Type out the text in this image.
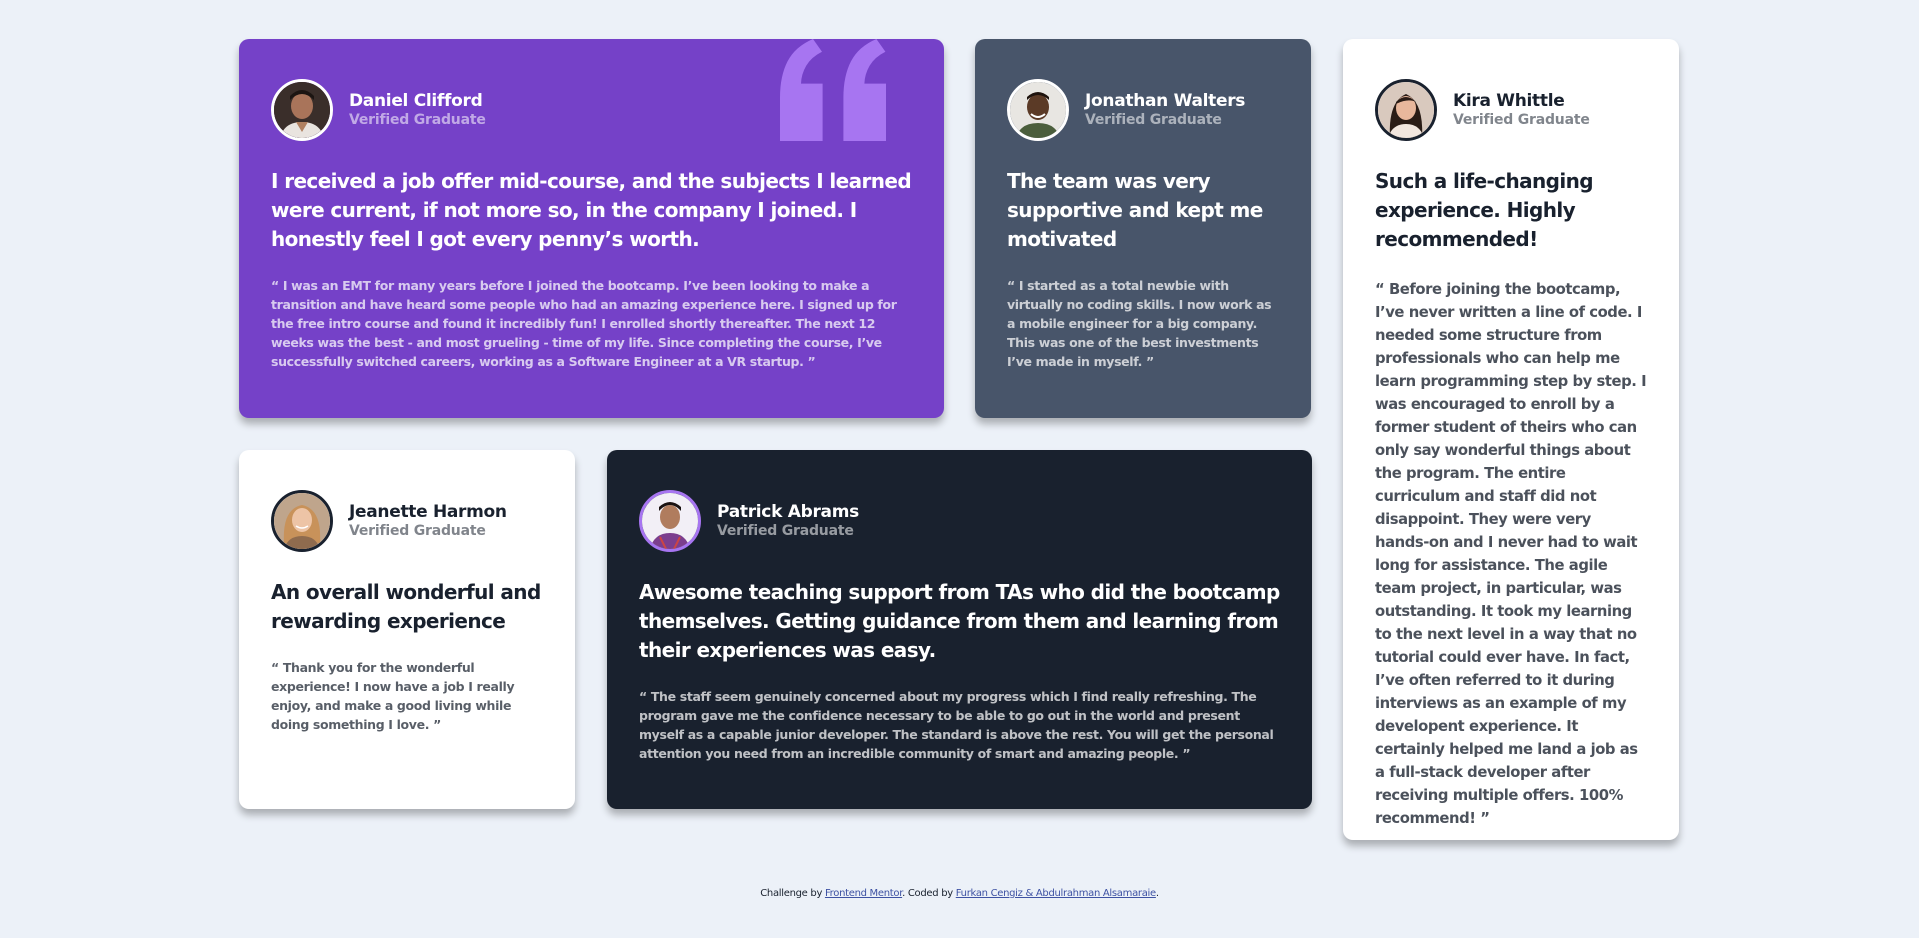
Daniel Clifford
Verified Graduate

I received a job offer mid-course, and the subjects I learned were current, if not more so, in the company I joined. I honestly feel I got every penny’s worth.

“ I was an EMT for many years before I joined the bootcamp. I’ve been looking to make a transition and have heard some people who had an amazing experience here. I signed up for the free intro course and found it incredibly fun! I enrolled shortly thereafter. The next 12 weeks was the best - and most grueling - time of my life. Since completing the course, I’ve successfully switched careers, working as a Software Engineer at a VR startup. ”

Jonathan Walters
Verified Graduate

The team was very supportive and kept me motivated

“ I started as a total newbie with virtually no coding skills. I now work as a mobile engineer for a big company. This was one of the best investments I’ve made in myself. ”

Kira Whittle
Verified Graduate

Such a life-changing experience. Highly recommended!

“ Before joining the bootcamp, I’ve never written a line of code. I needed some structure from professionals who can help me learn programming step by step. I was encouraged to enroll by a former student of theirs who can only say wonderful things about the program. The entire curriculum and staff did not disappoint. They were very hands-on and I never had to wait long for assistance. The agile team project, in particular, was outstanding. It took my learning to the next level in a way that no tutorial could ever have. In fact, I’ve often referred to it during interviews as an example of my developent experience. It certainly helped me land a job as a full-stack developer after receiving multiple offers. 100% recommend! ”

Jeanette Harmon
Verified Graduate

An overall wonderful and rewarding experience

“ Thank you for the wonderful experience! I now have a job I really enjoy, and make a good living while doing something I love. ”

Patrick Abrams
Verified Graduate

Awesome teaching support from TAs who did the bootcamp themselves. Getting guidance from them and learning from their experiences was easy.

“ The staff seem genuinely concerned about my progress which I find really refreshing. The program gave me the confidence necessary to be able to go out in the world and present myself as a capable junior developer. The standard is above the rest. You will get the personal attention you need from an incredible community of smart and amazing people. ”

Challenge by Frontend Mentor. Coded by Furkan Cengiz & Abdulrahman Alsamaraie.
